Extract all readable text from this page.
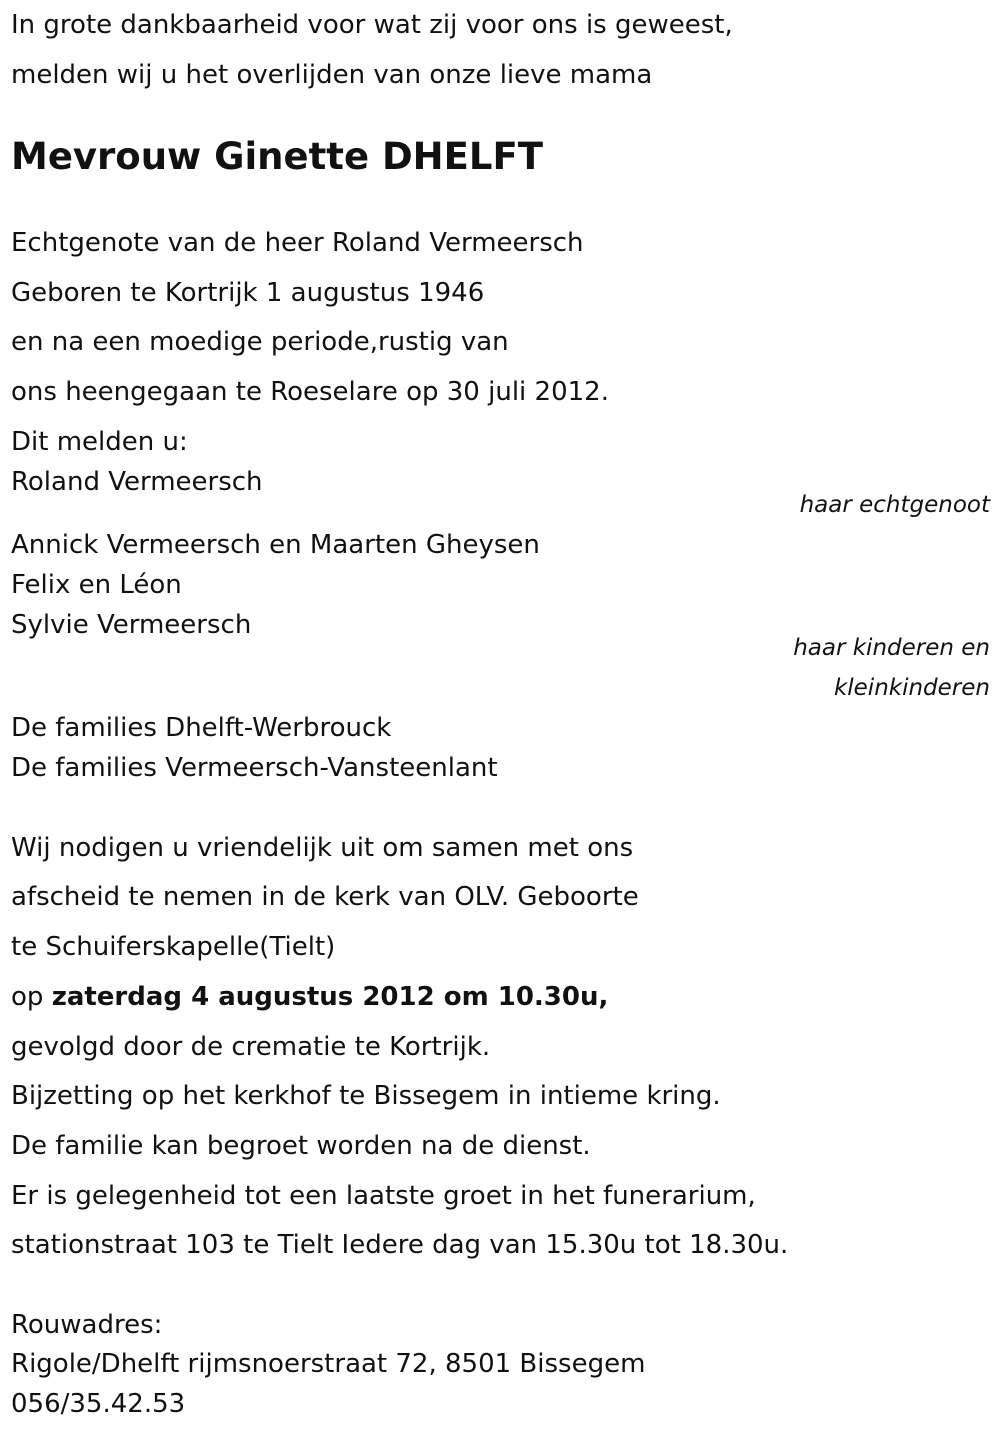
In grote dankbaarheid voor wat zij voor ons is geweest,

melden wij u het overlijden van onze lieve mama

Mevrouw Ginette DHELFT

Echtgenote van de heer Roland Vermeersch

Geboren te Kortrijk 1 augustus 1946

en na een moedige periode,rustig van

ons heengegaan te Roeselare op 30 juli 2012.

Dit melden u:

Roland Vermeersch

haar echtgenoot

Annick Vermeersch en Maarten Gheysen

Felix en Léon

Sylvie Vermeersch

haar kinderen en
kleinkinderen

De families Dhelft-Werbrouck

De families Vermeersch-Vansteenlant

Wij nodigen u vriendelijk uit om samen met ons

afscheid te nemen in de kerk van OLV. Geboorte

te Schuiferskapelle(Tielt)

op zaterdag 4 augustus 2012 om 10.30u,

gevolgd door de crematie te Kortrijk.

Bijzetting op het kerkhof te Bissegem in intieme kring.

De familie kan begroet worden na de dienst.

Er is gelegenheid tot een laatste groet in het funerarium,

stationstraat 103 te Tielt Iedere dag van 15.30u tot 18.30u.

Rouwadres:

Rigole/Dhelft rijmsnoerstraat 72, 8501 Bissegem

056/35.42.53
